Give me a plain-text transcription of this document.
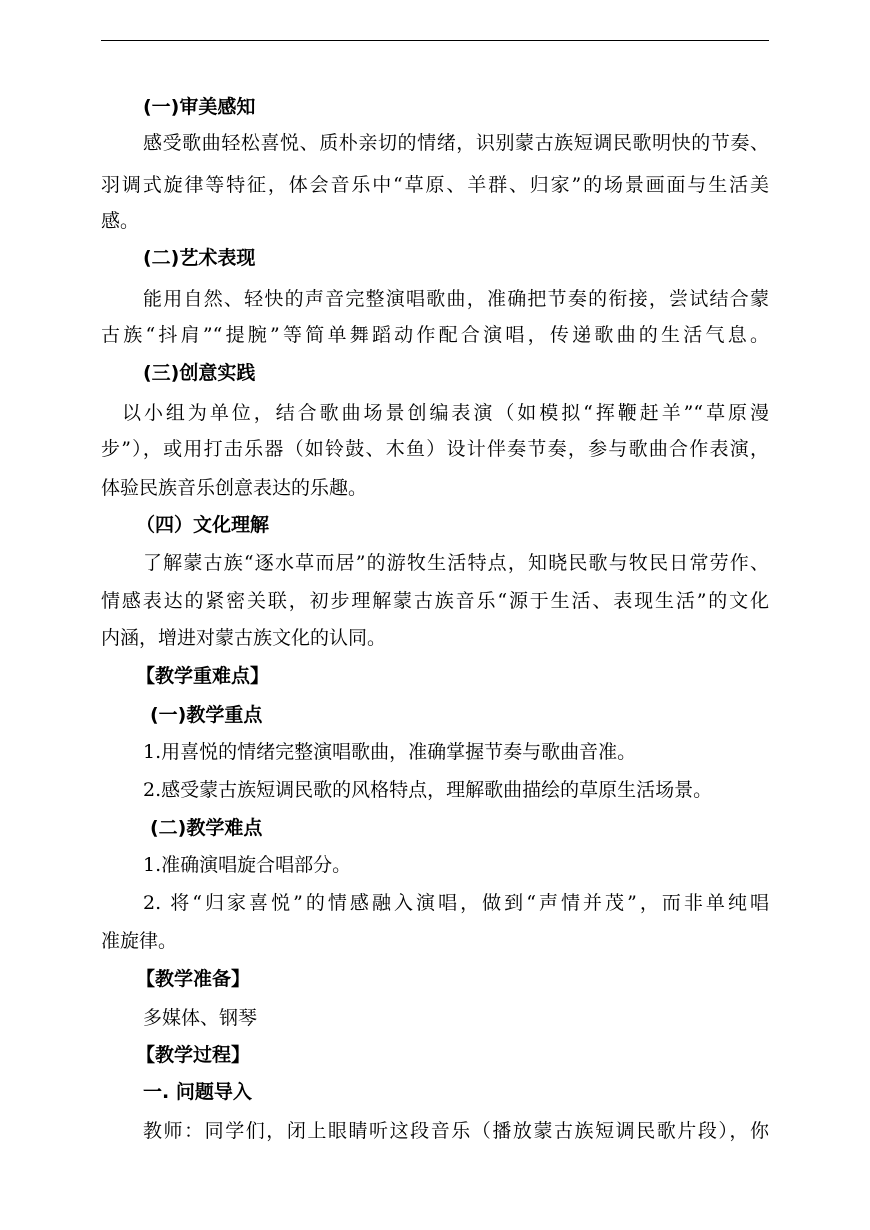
(一)审美感知
感受歌曲轻松喜悦、质朴亲切的情绪，识别蒙古族短调民歌明快的节奏、
羽调式旋律等特征，体会音乐中“草原、羊群、归家”的场景画面与生活美
感。
(二)艺术表现
能用自然、轻快的声音完整演唱歌曲，准确把节奏的衔接，尝试结合蒙
古族“抖肩”“提腕”等简单舞蹈动作配合演唱，传递歌曲的生活气息。
(三)创意实践
以小组为单位，结合歌曲场景创编表演（如模拟“挥鞭赶羊”“草原漫
步”），或用打击乐器（如铃鼓、木鱼）设计伴奏节奏，参与歌曲合作表演，
体验民族音乐创意表达的乐趣。
（四）文化理解
了解蒙古族“逐水草而居”的游牧生活特点，知晓民歌与牧民日常劳作、
情感表达的紧密关联，初步理解蒙古族音乐“源于生活、表现生活”的文化
内涵，增进对蒙古族文化的认同。
【教学重难点】
(一)教学重点
1.用喜悦的情绪完整演唱歌曲，准确掌握节奏与歌曲音准。
2.感受蒙古族短调民歌的风格特点，理解歌曲描绘的草原生活场景。
(二)教学难点
1.准确演唱旋合唱部分。
2. 将“归家喜悦”的情感融入演唱，做到“声情并茂”，而非单纯唱
准旋律。
【教学准备】
多媒体、钢琴
【教学过程】
一. 问题导入
教师：同学们，闭上眼睛听这段音乐（播放蒙古族短调民歌片段），你
